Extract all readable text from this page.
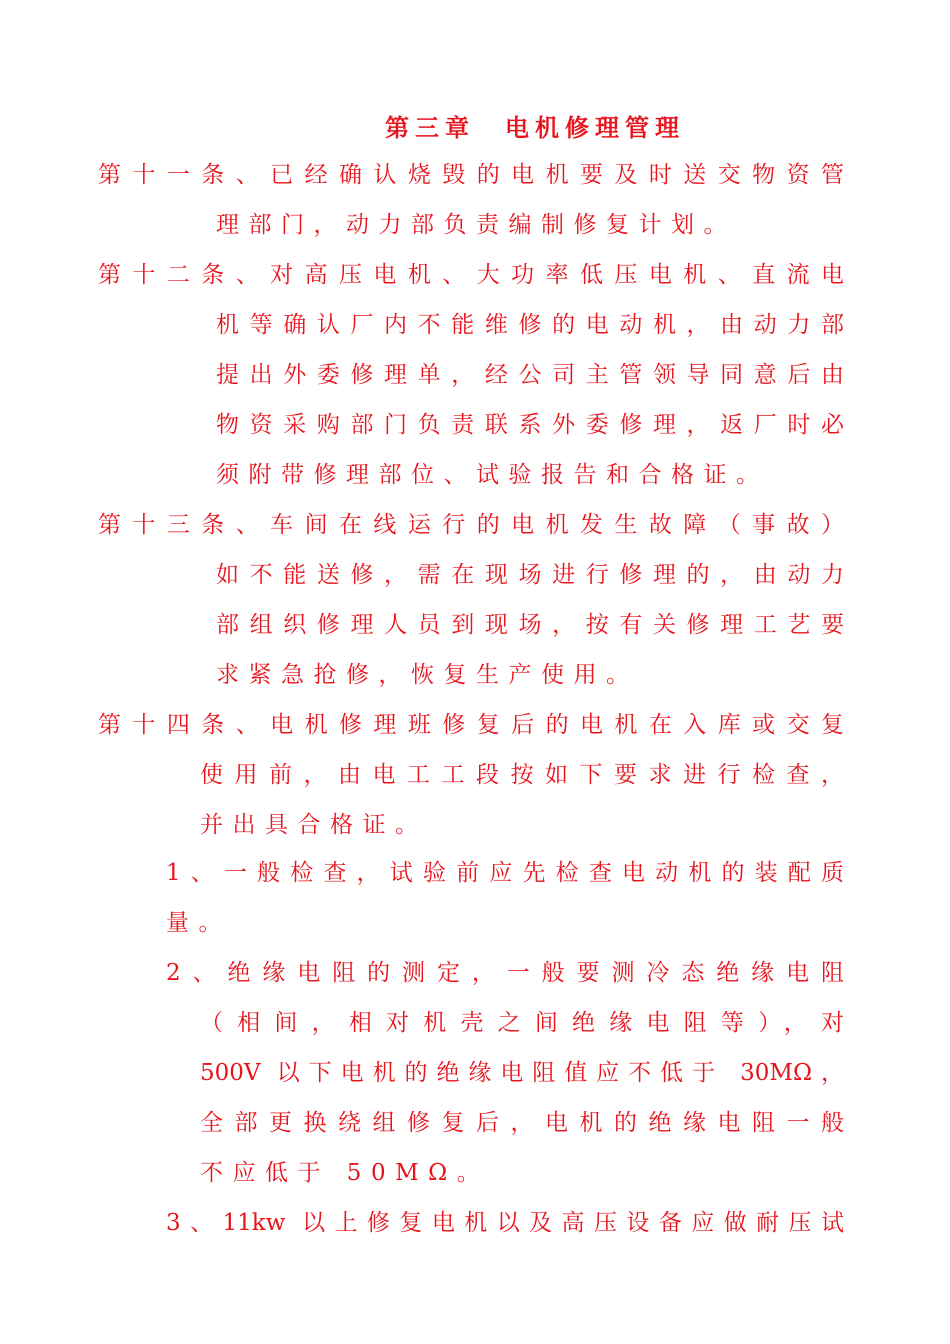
第三章　电机修理管理
第十一条、已经确认烧毁的电机要及时送交物资管
理部门，动力部负责编制修复计划。
第十二条、对高压电机、大功率低压电机、直流电
机等确认厂内不能维修的电动机，由动力部
提出外委修理单，经公司主管领导同意后由
物资采购部门负责联系外委修理，返厂时必
须附带修理部位、试验报告和合格证。
第十三条、车间在线运行的电机发生故障（事故）
如不能送修，需在现场进行修理的，由动力
部组织修理人员到现场，按有关修理工艺要
求紧急抢修，恢复生产使用。
第十四条、电机修理班修复后的电机在入库或交复
使用前，由电工工段按如下要求进行检查，
并出具合格证。
1、一般检查，试验前应先检查电动机的装配质
量。
2、绝缘电阻的测定，一般要测冷态绝缘电阻
（相间，相对机壳之间绝缘电阻等），对
500V 以下电机的绝缘电阻值应不低于 30MΩ，
全部更换绕组修复后，电机的绝缘电阻一般
不应低于 50MΩ。
3、11kw 以上修复电机以及高压设备应做耐压试
